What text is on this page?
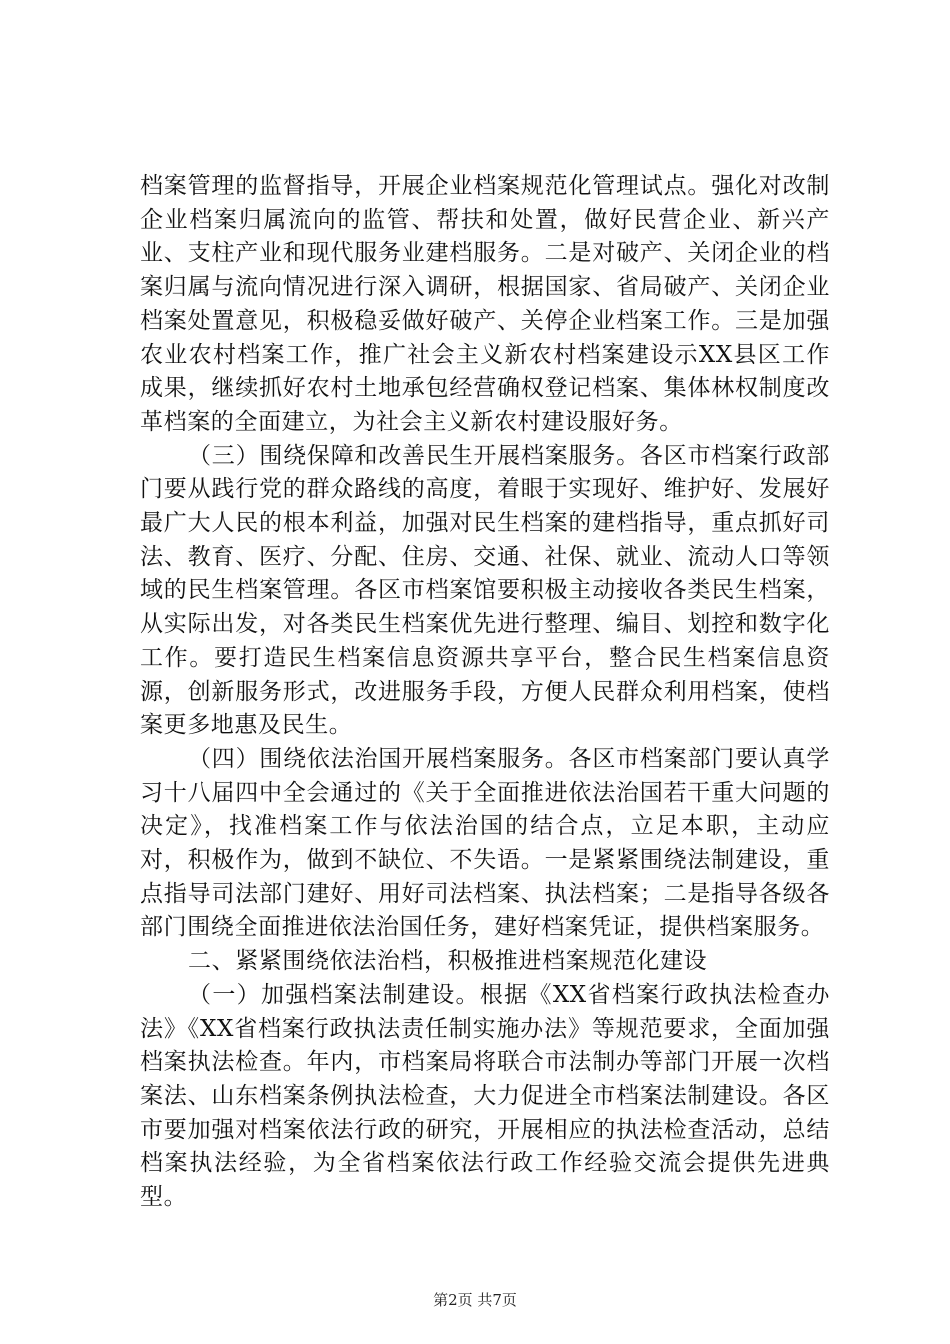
档案管理的监督指导，开展企业档案规范化管理试点。强化对改制企业档案归属流向的监管、帮扶和处置，做好民营企业、新兴产业、支柱产业和现代服务业建档服务。二是对破产、关闭企业的档案归属与流向情况进行深入调研，根据国家、省局破产、关闭企业档案处置意见，积极稳妥做好破产、关停企业档案工作。三是加强农业农村档案工作，推广社会主义新农村档案建设示XX县区工作成果，继续抓好农村土地承包经营确权登记档案、集体林权制度改革档案的全面建立，为社会主义新农村建设服好务。

（三）围绕保障和改善民生开展档案服务。各区市档案行政部门要从践行党的群众路线的高度，着眼于实现好、维护好、发展好最广大人民的根本利益，加强对民生档案的建档指导，重点抓好司法、教育、医疗、分配、住房、交通、社保、就业、流动人口等领域的民生档案管理。各区市档案馆要积极主动接收各类民生档案，从实际出发，对各类民生档案优先进行整理、编目、划控和数字化工作。要打造民生档案信息资源共享平台，整合民生档案信息资源，创新服务形式，改进服务手段，方便人民群众利用档案，使档案更多地惠及民生。

（四）围绕依法治国开展档案服务。各区市档案部门要认真学习十八届四中全会通过的《关于全面推进依法治国若干重大问题的决定》，找准档案工作与依法治国的结合点，立足本职，主动应对，积极作为，做到不缺位、不失语。一是紧紧围绕法制建设，重点指导司法部门建好、用好司法档案、执法档案；二是指导各级各部门围绕全面推进依法治国任务，建好档案凭证，提供档案服务。

二、紧紧围绕依法治档，积极推进档案规范化建设

（一）加强档案法制建设。根据《XX省档案行政执法检查办法》《XX省档案行政执法责任制实施办法》等规范要求，全面加强档案执法检查。年内，市档案局将联合市法制办等部门开展一次档案法、山东档案条例执法检查，大力促进全市档案法制建设。各区市要加强对档案依法行政的研究，开展相应的执法检查活动，总结档案执法经验，为全省档案依法行政工作经验交流会提供先进典型。

第2页 共7页
